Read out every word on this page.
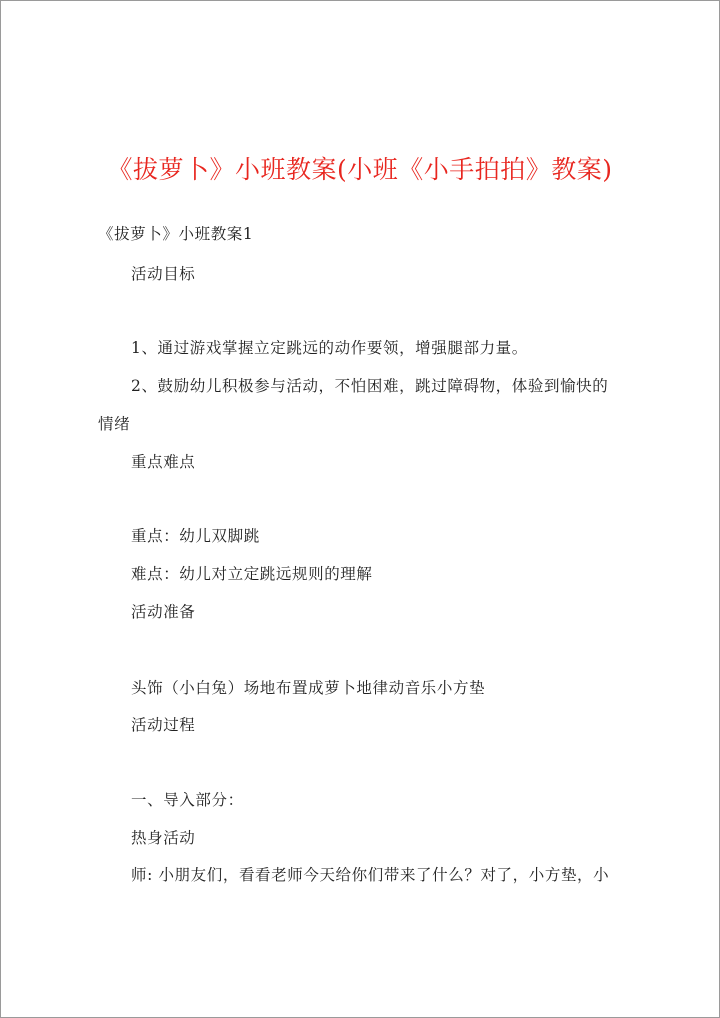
《拔萝卜》小班教案(小班《小手拍拍》教案)
《拔萝卜》小班教案1
活动目标
1、通过游戏掌握立定跳远的动作要领，增强腿部力量。
2、鼓励幼儿积极参与活动，不怕困难，跳过障碍物，体验到愉快的
情绪
重点难点
重点：幼儿双脚跳
难点：幼儿对立定跳远规则的理解
活动准备
头饰（小白兔）场地布置成萝卜地律动音乐小方垫
活动过程
一、导入部分：
热身活动
师: 小朋友们，看看老师今天给你们带来了什么？对了，小方垫，小
